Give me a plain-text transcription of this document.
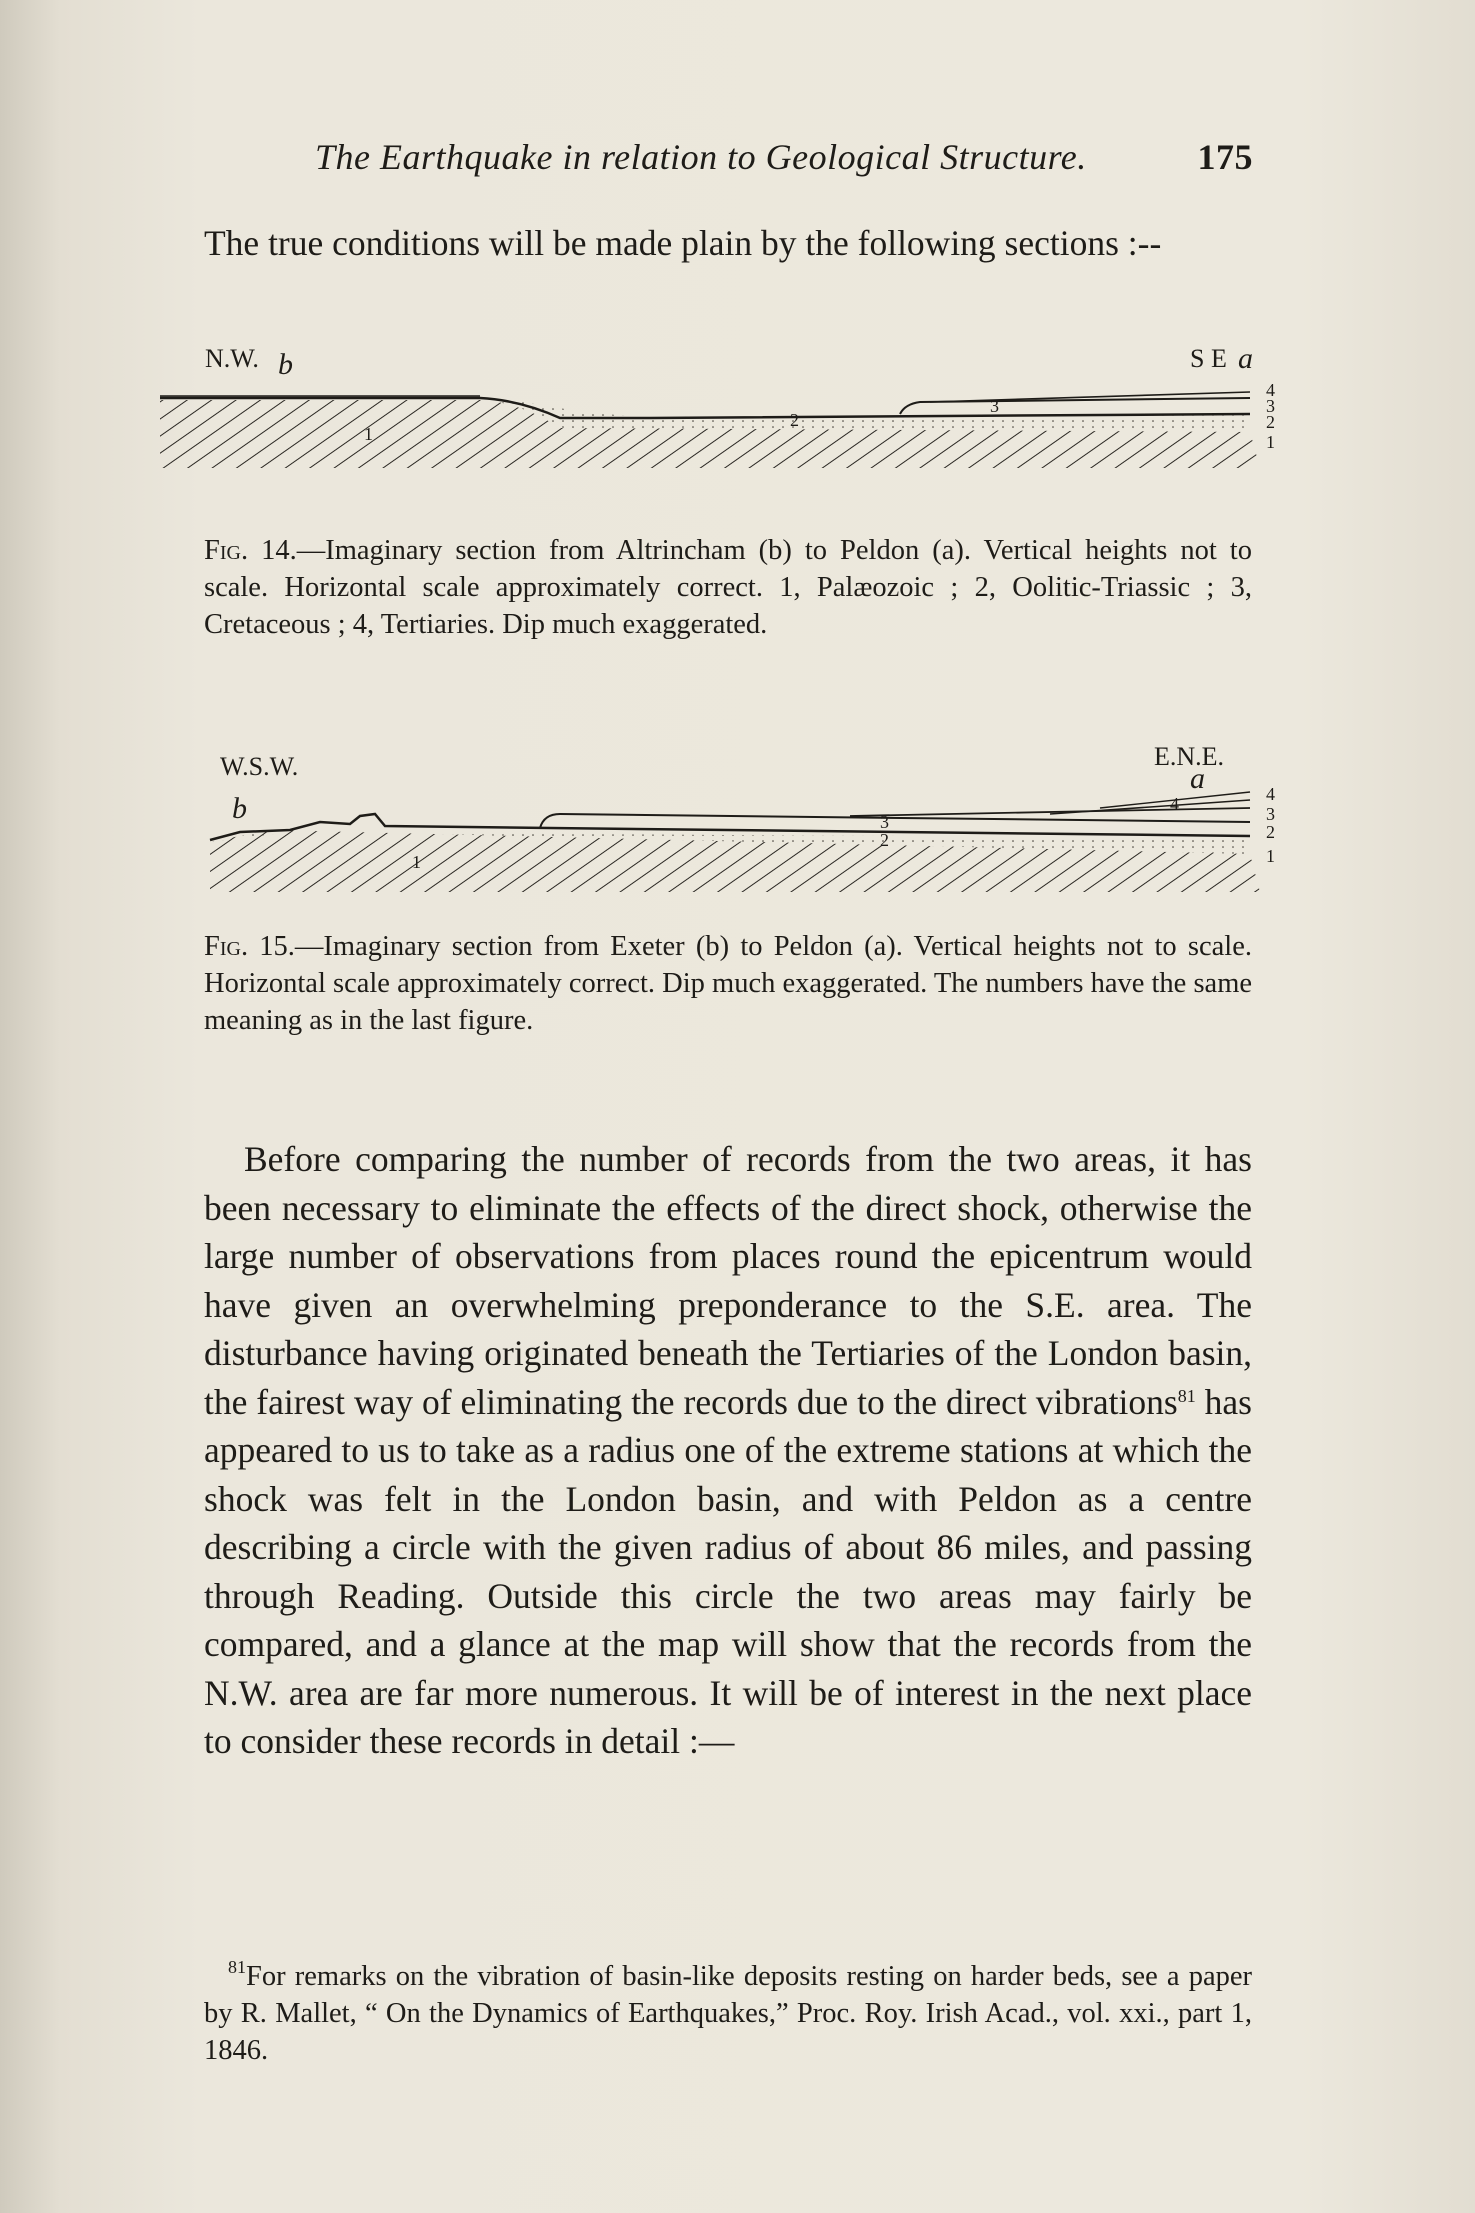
The Earthquake in relation to Geological Structure.	175
The true conditions will be made plain by the following sections :--
N.W. b	S E a
4
3
2
1
1
2
3
Fig. 14.—Imaginary section from Altrincham (b) to Peldon (a). Vertical heights not to scale. Horizontal scale approximately correct. 1, Palæozoic ; 2, Oolitic-Triassic ; 3, Cretaceous ; 4, Tertiaries. Dip much exaggerated.
W.S.W.
b
E.N.E.
a	4
3
2
1
1
2
3
4
Fig. 15.—Imaginary section from Exeter (b) to Peldon (a). Vertical heights not to scale. Horizontal scale approximately correct. Dip much exaggerated. The numbers have the same meaning as in the last figure.
Before comparing the number of records from the two areas, it has been necessary to eliminate the effects of the direct shock, otherwise the large number of observations from places round the epicentrum would have given an overwhelming preponderance to the S.E. area. The disturbance having originated beneath the Tertiaries of the London basin, the fairest way of eliminating the records due to the direct vibrations$^{81}$ has appeared to us to take as a radius one of the extreme stations at which the shock was felt in the London basin, and with Peldon as a centre describing a circle with the given radius of about 86 miles, and passing through Reading. Outside this circle the two areas may fairly be compared, and a glance at the map will show that the records from the N.W. area are far more numerous. It will be of interest in the next place to consider these records in detail :—
$^{81}$For remarks on the vibration of basin-like deposits resting on harder beds, see a paper by R. Mallet, “ On the Dynamics of Earthquakes,” Proc. Roy. Irish Acad., vol. xxi., part 1, 1846.
